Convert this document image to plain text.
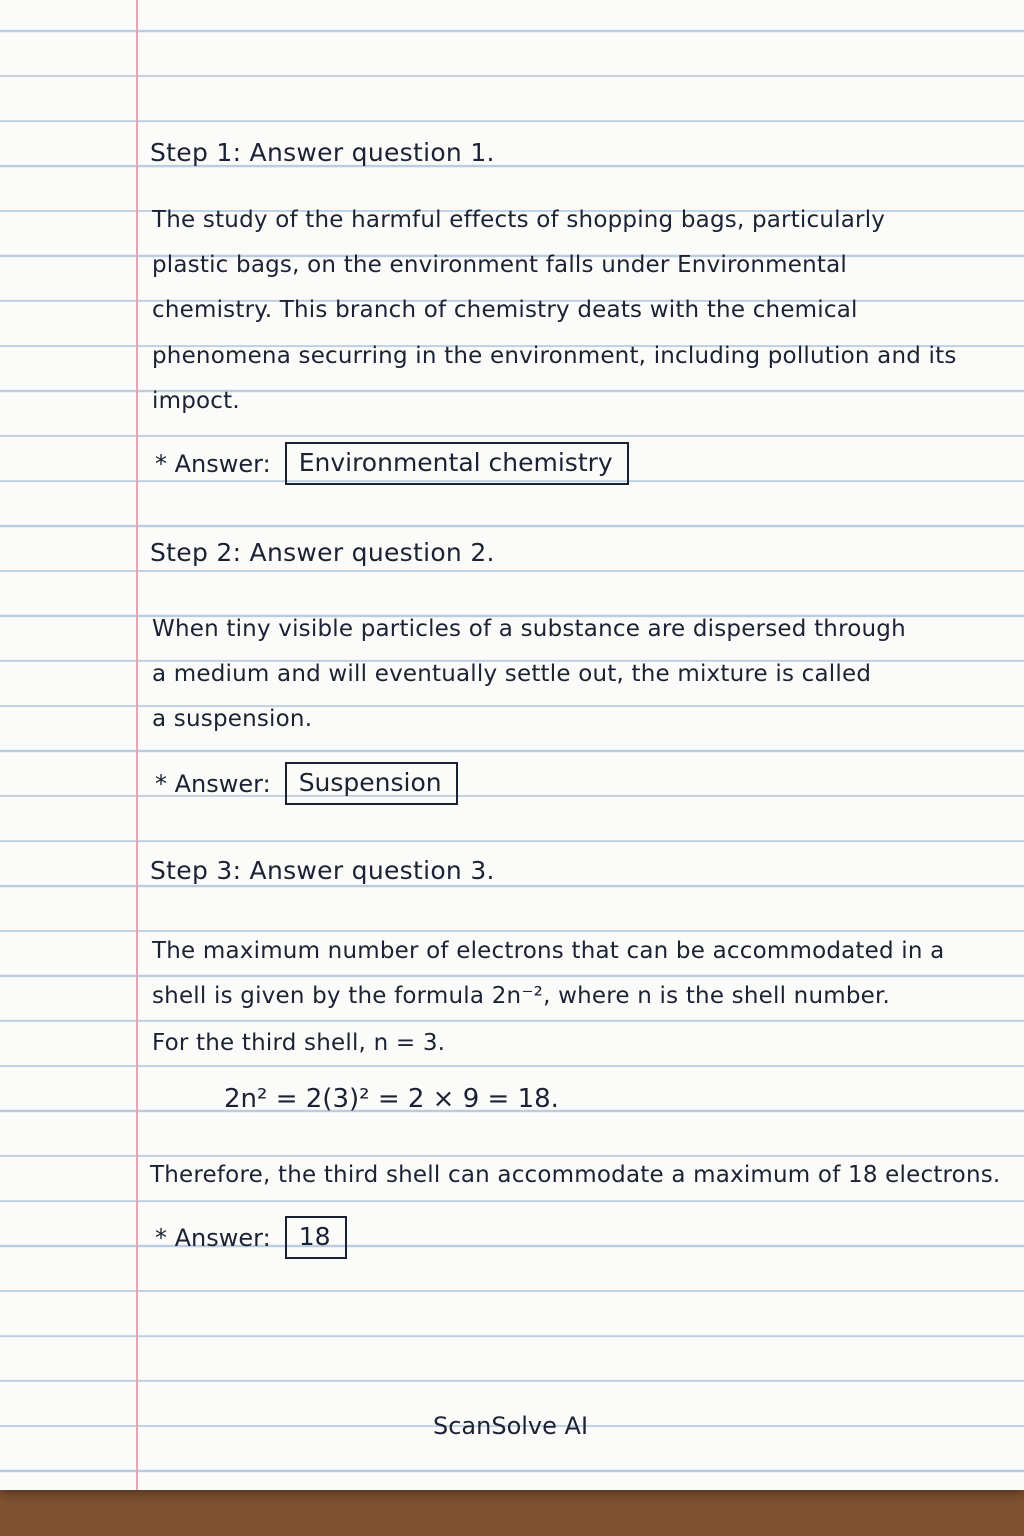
Step 1: Answer question 1.
The study of the harmful effects of shopping bags, particularly
plastic bags, on the environment falls under Environmental
chemistry. This branch of chemistry deats with the chemical
phenomena securring in the environment, including pollution and its
impoct.
* Answer:	Environmental chemistry
Step 2: Answer question 2.
When tiny visible particles of a substance are dispersed through
a medium and will eventually settle out, the mixture is called
a suspension.
* Answer:	Suspension
Step 3: Answer question 3.
The maximum number of electrons that can be accommodated in a
shell is given by the formula 2n⁻², where n is the shell number.
For the third shell, n = 3.
2n² = 2(3)² = 2 × 9 = 18.
Therefore, the third shell can accommodate a maximum of 18 electrons.
* Answer:	18
ScanSolve AI
